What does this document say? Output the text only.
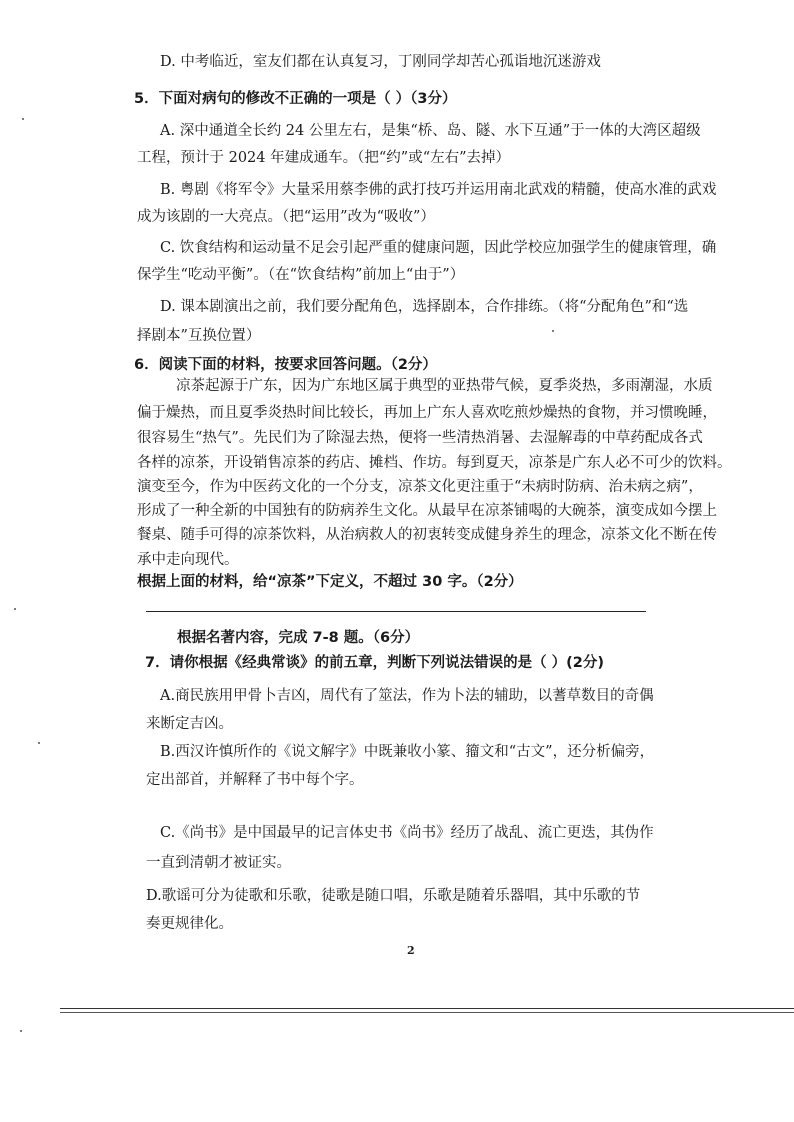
D. 中考临近，室友们都在认真复习，丁刚同学却苦心孤诣地沉迷游戏
5．下面对病句的修改不正确的一项是（ ）（3分）
A. 深中通道全长约 24 公里左右，是集“桥、岛、隧、水下互通”于一体的大湾区超级
工程，预计于 2024 年建成通车。（把“约”或“左右”去掉）
B. 粤剧《将军令》大量采用蔡李佛的武打技巧并运用南北武戏的精髓，使高水准的武戏
成为该剧的一大亮点。（把“运用”改为“吸收”）
C. 饮食结构和运动量不足会引起严重的健康问题，因此学校应加强学生的健康管理，确
保学生“吃动平衡”。（在“饮食结构”前加上“由于”）
D. 课本剧演出之前，我们要分配角色，选择剧本，合作排练。（将“分配角色”和“选
择剧本”互换位置）
6．阅读下面的材料，按要求回答问题。（2分）
凉茶起源于广东，因为广东地区属于典型的亚热带气候，夏季炎热，多雨潮湿，水质
偏于燥热，而且夏季炎热时间比较长，再加上广东人喜欢吃煎炒燥热的食物，并习惯晚睡，
很容易生“热气”。先民们为了除湿去热，便将一些清热消暑、去湿解毒的中草药配成各式
各样的凉茶，开设销售凉茶的药店、摊档、作坊。每到夏天，凉茶是广东人必不可少的饮料。
演变至今，作为中医药文化的一个分支，凉茶文化更注重于“未病时防病、治未病之病”，
形成了一种全新的中国独有的防病养生文化。从最早在凉茶铺喝的大碗茶，演变成如今摆上
餐桌、随手可得的凉茶饮料，从治病救人的初衷转变成健身养生的理念，凉茶文化不断在传
承中走向现代。
根据上面的材料，给“凉茶”下定义，不超过 30 字。（2分）
根据名著内容，完成 7-8 题。（6分）
7．请你根据《经典常谈》的前五章，判断下列说法错误的是（ ）(2分)
A.商民族用甲骨卜吉凶，周代有了筮法，作为卜法的辅助，以蓍草数目的奇偶
来断定吉凶。
B.西汉许慎所作的《说文解字》中既兼收小篆、籀文和“古文”，还分析偏旁，
定出部首，并解释了书中每个字。
C.《尚书》是中国最早的记言体史书《尚书》经历了战乱、流亡更迭，其伪作
一直到清朝才被证实。
D.歌谣可分为徒歌和乐歌，徒歌是随口唱，乐歌是随着乐器唱，其中乐歌的节
奏更规律化。
2
